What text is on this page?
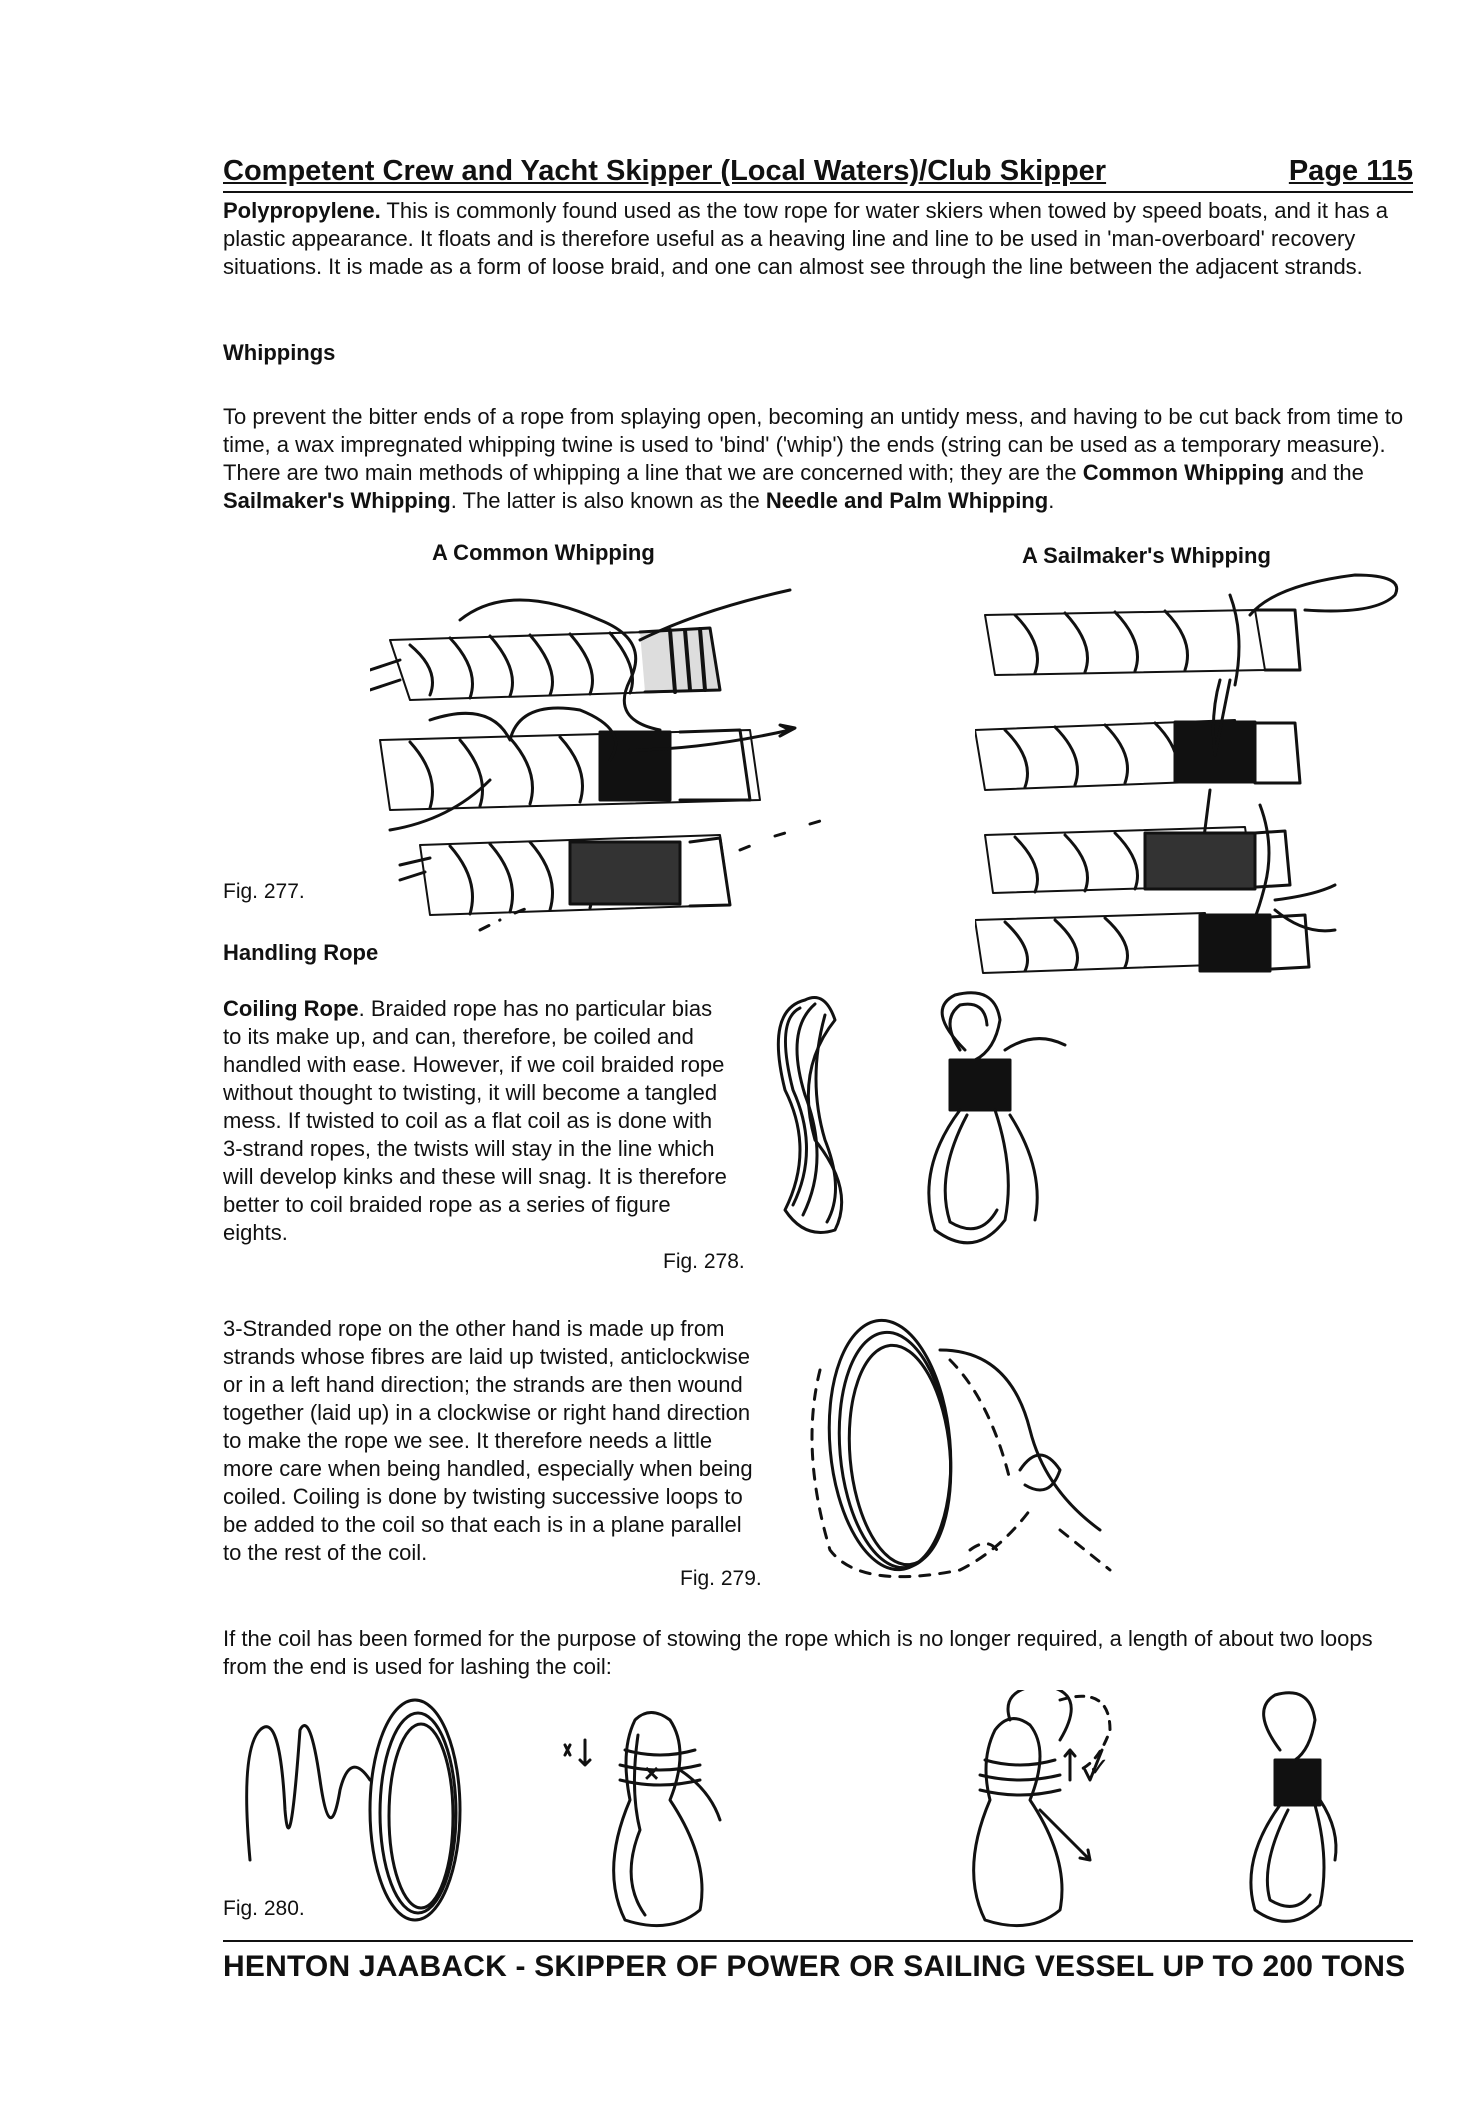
Competent Crew and Yacht Skipper (Local Waters)/Club Skipper	Page 115
Polypropylene. This is commonly found used as the tow rope for water skiers when towed by speed boats, and it has a plastic appearance. It floats and is therefore useful as a heaving line and line to be used in 'man-overboard' recovery situations. It is made as a form of loose braid, and one can almost see through the line between the adjacent strands.
Whippings
To prevent the bitter ends of a rope from splaying open, becoming an untidy mess, and having to be cut back from time to time, a wax impregnated whipping twine is used to 'bind' ('whip') the ends (string can be used as a temporary measure). There are two main methods of whipping a line that we are concerned with; they are the Common Whipping and the Sailmaker's Whipping. The latter is also known as the Needle and Palm Whipping.
A Common Whipping	A Sailmaker's Whipping
Fig. 277.
Handling Rope
Coiling Rope. Braided rope has no particular bias to its make up, and can, therefore, be coiled and handled with ease. However, if we coil braided rope without thought to twisting, it will become a tangled mess. If twisted to coil as a flat coil as is done with 3-strand ropes, the twists will stay in the line which will develop kinks and these will snag. It is therefore better to coil braided rope as a series of figure eights.
Fig. 278.
3-Stranded rope on the other hand is made up from strands whose fibres are laid up twisted, anticlockwise or in a left hand direction; the strands are then wound together (laid up) in a clockwise or right hand direction to make the rope we see. It therefore needs a little more care when being handled, especially when being coiled. Coiling is done by twisting successive loops to be added to the coil so that each is in a plane parallel to the rest of the coil.
Fig. 279.
If the coil has been formed for the purpose of stowing the rope which is no longer required, a length of about two loops from the end is used for lashing the coil:
Fig. 280.
×	✓
HENTON JAABACK - SKIPPER OF POWER OR SAILING VESSEL UP TO 200 TONS
